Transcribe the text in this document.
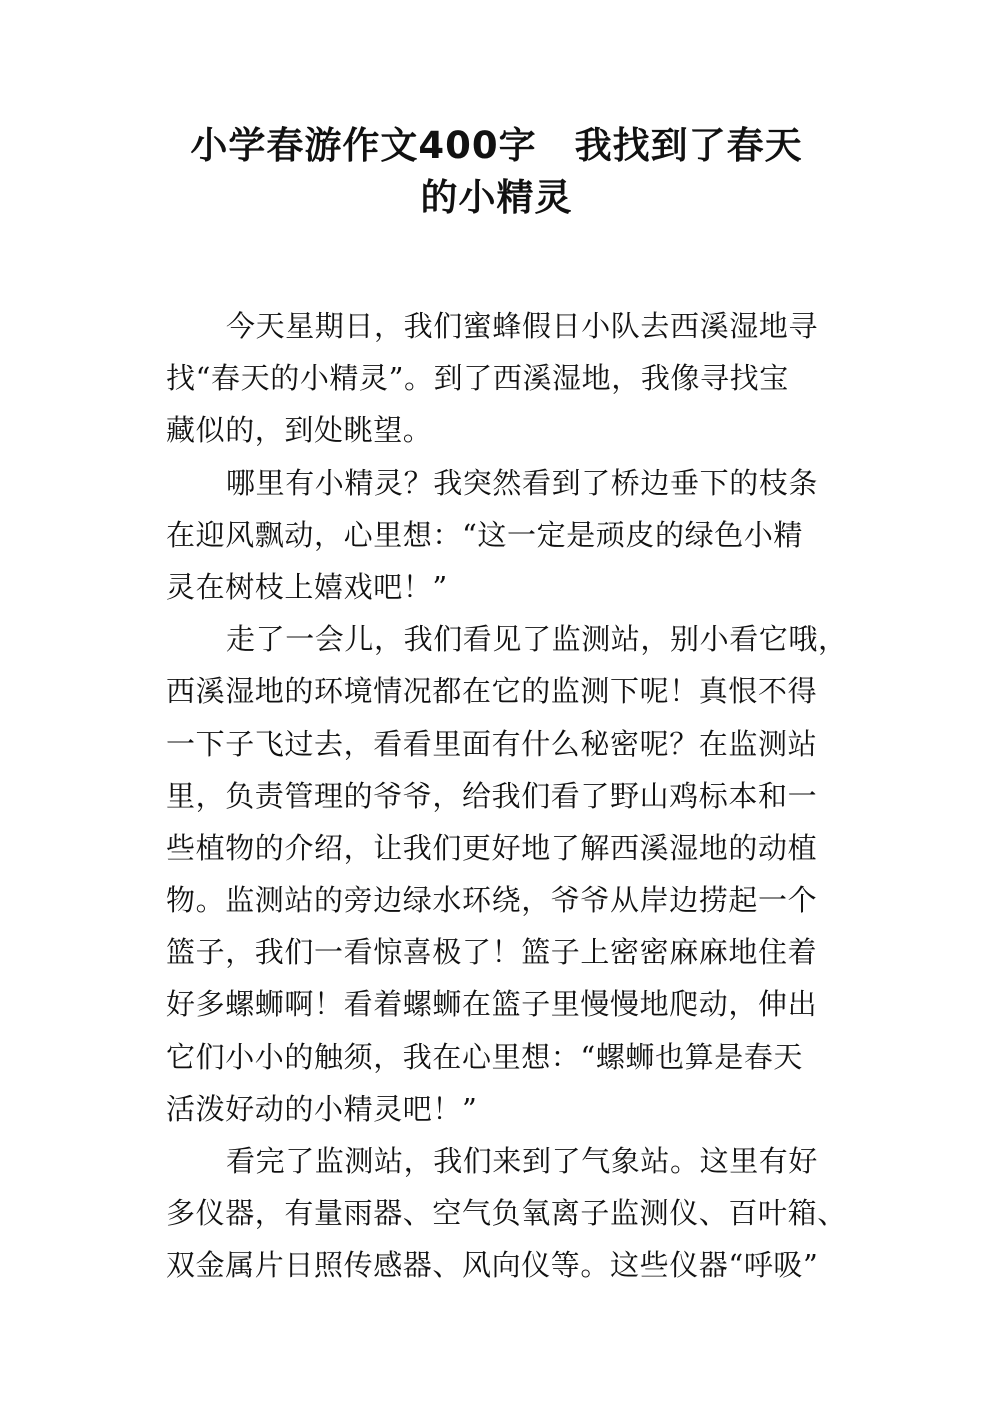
小学春游作文400字　我找到了春天
的小精灵
今天星期日，我们蜜蜂假日小队去西溪湿地寻
找“春天的小精灵”。到了西溪湿地，我像寻找宝
藏似的，到处眺望。
哪里有小精灵？我突然看到了桥边垂下的枝条
在迎风飘动，心里想：“这一定是顽皮的绿色小精
灵在树枝上嬉戏吧！”
走了一会儿，我们看见了监测站，别小看它哦，
西溪湿地的环境情况都在它的监测下呢！真恨不得
一下子飞过去，看看里面有什么秘密呢？在监测站
里，负责管理的爷爷，给我们看了野山鸡标本和一
些植物的介绍，让我们更好地了解西溪湿地的动植
物。监测站的旁边绿水环绕，爷爷从岸边捞起一个
篮子，我们一看惊喜极了！篮子上密密麻麻地住着
好多螺蛳啊！看着螺蛳在篮子里慢慢地爬动，伸出
它们小小的触须，我在心里想：“螺蛳也算是春天
活泼好动的小精灵吧！”
看完了监测站，我们来到了气象站。这里有好
多仪器，有量雨器、空气负氧离子监测仪、百叶箱、
双金属片日照传感器、风向仪等。这些仪器“呼吸”
